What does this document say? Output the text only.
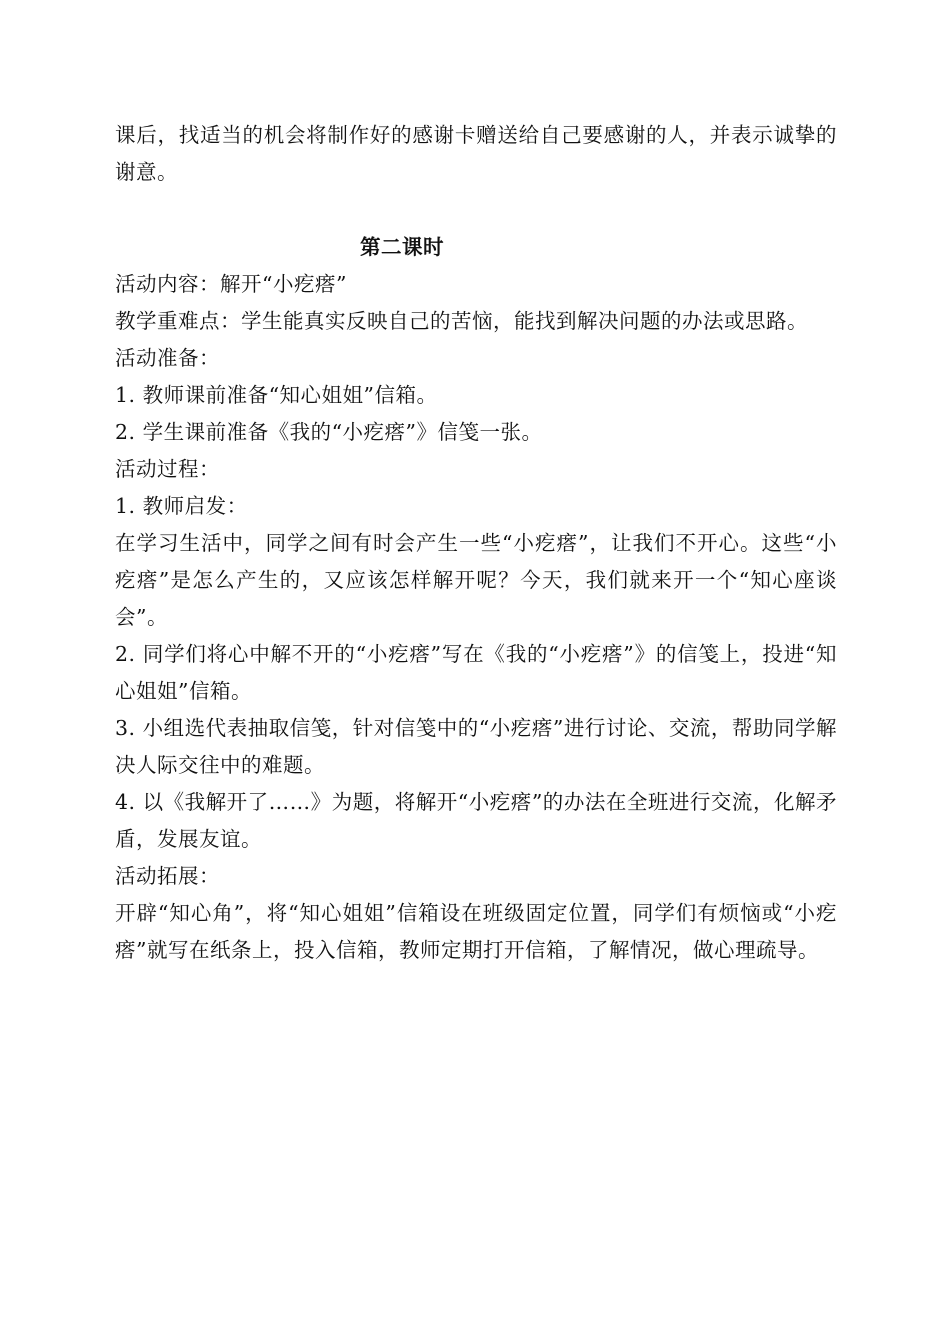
课后，找适当的机会将制作好的感谢卡赠送给自己要感谢的人，并表示诚挚的谢意。

第二课时

活动内容：解开“小疙瘩”

教学重难点：学生能真实反映自己的苦恼，能找到解决问题的办法或思路。

活动准备：

1. 教师课前准备“知心姐姐”信箱。

2. 学生课前准备《我的“小疙瘩”》信笺一张。

活动过程：

1. 教师启发：

在学习生活中，同学之间有时会产生一些“小疙瘩”，让我们不开心。这些“小疙瘩”是怎么产生的，又应该怎样解开呢？今天，我们就来开一个“知心座谈会”。

2. 同学们将心中解不开的“小疙瘩”写在《我的“小疙瘩”》的信笺上，投进“知心姐姐”信箱。

3. 小组选代表抽取信笺，针对信笺中的“小疙瘩”进行讨论、交流，帮助同学解决人际交往中的难题。

4. 以《我解开了……》为题，将解开“小疙瘩”的办法在全班进行交流，化解矛盾，发展友谊。

活动拓展：

开辟“知心角”，将“知心姐姐”信箱设在班级固定位置，同学们有烦恼或“小疙瘩”就写在纸条上，投入信箱，教师定期打开信箱，了解情况，做心理疏导。
